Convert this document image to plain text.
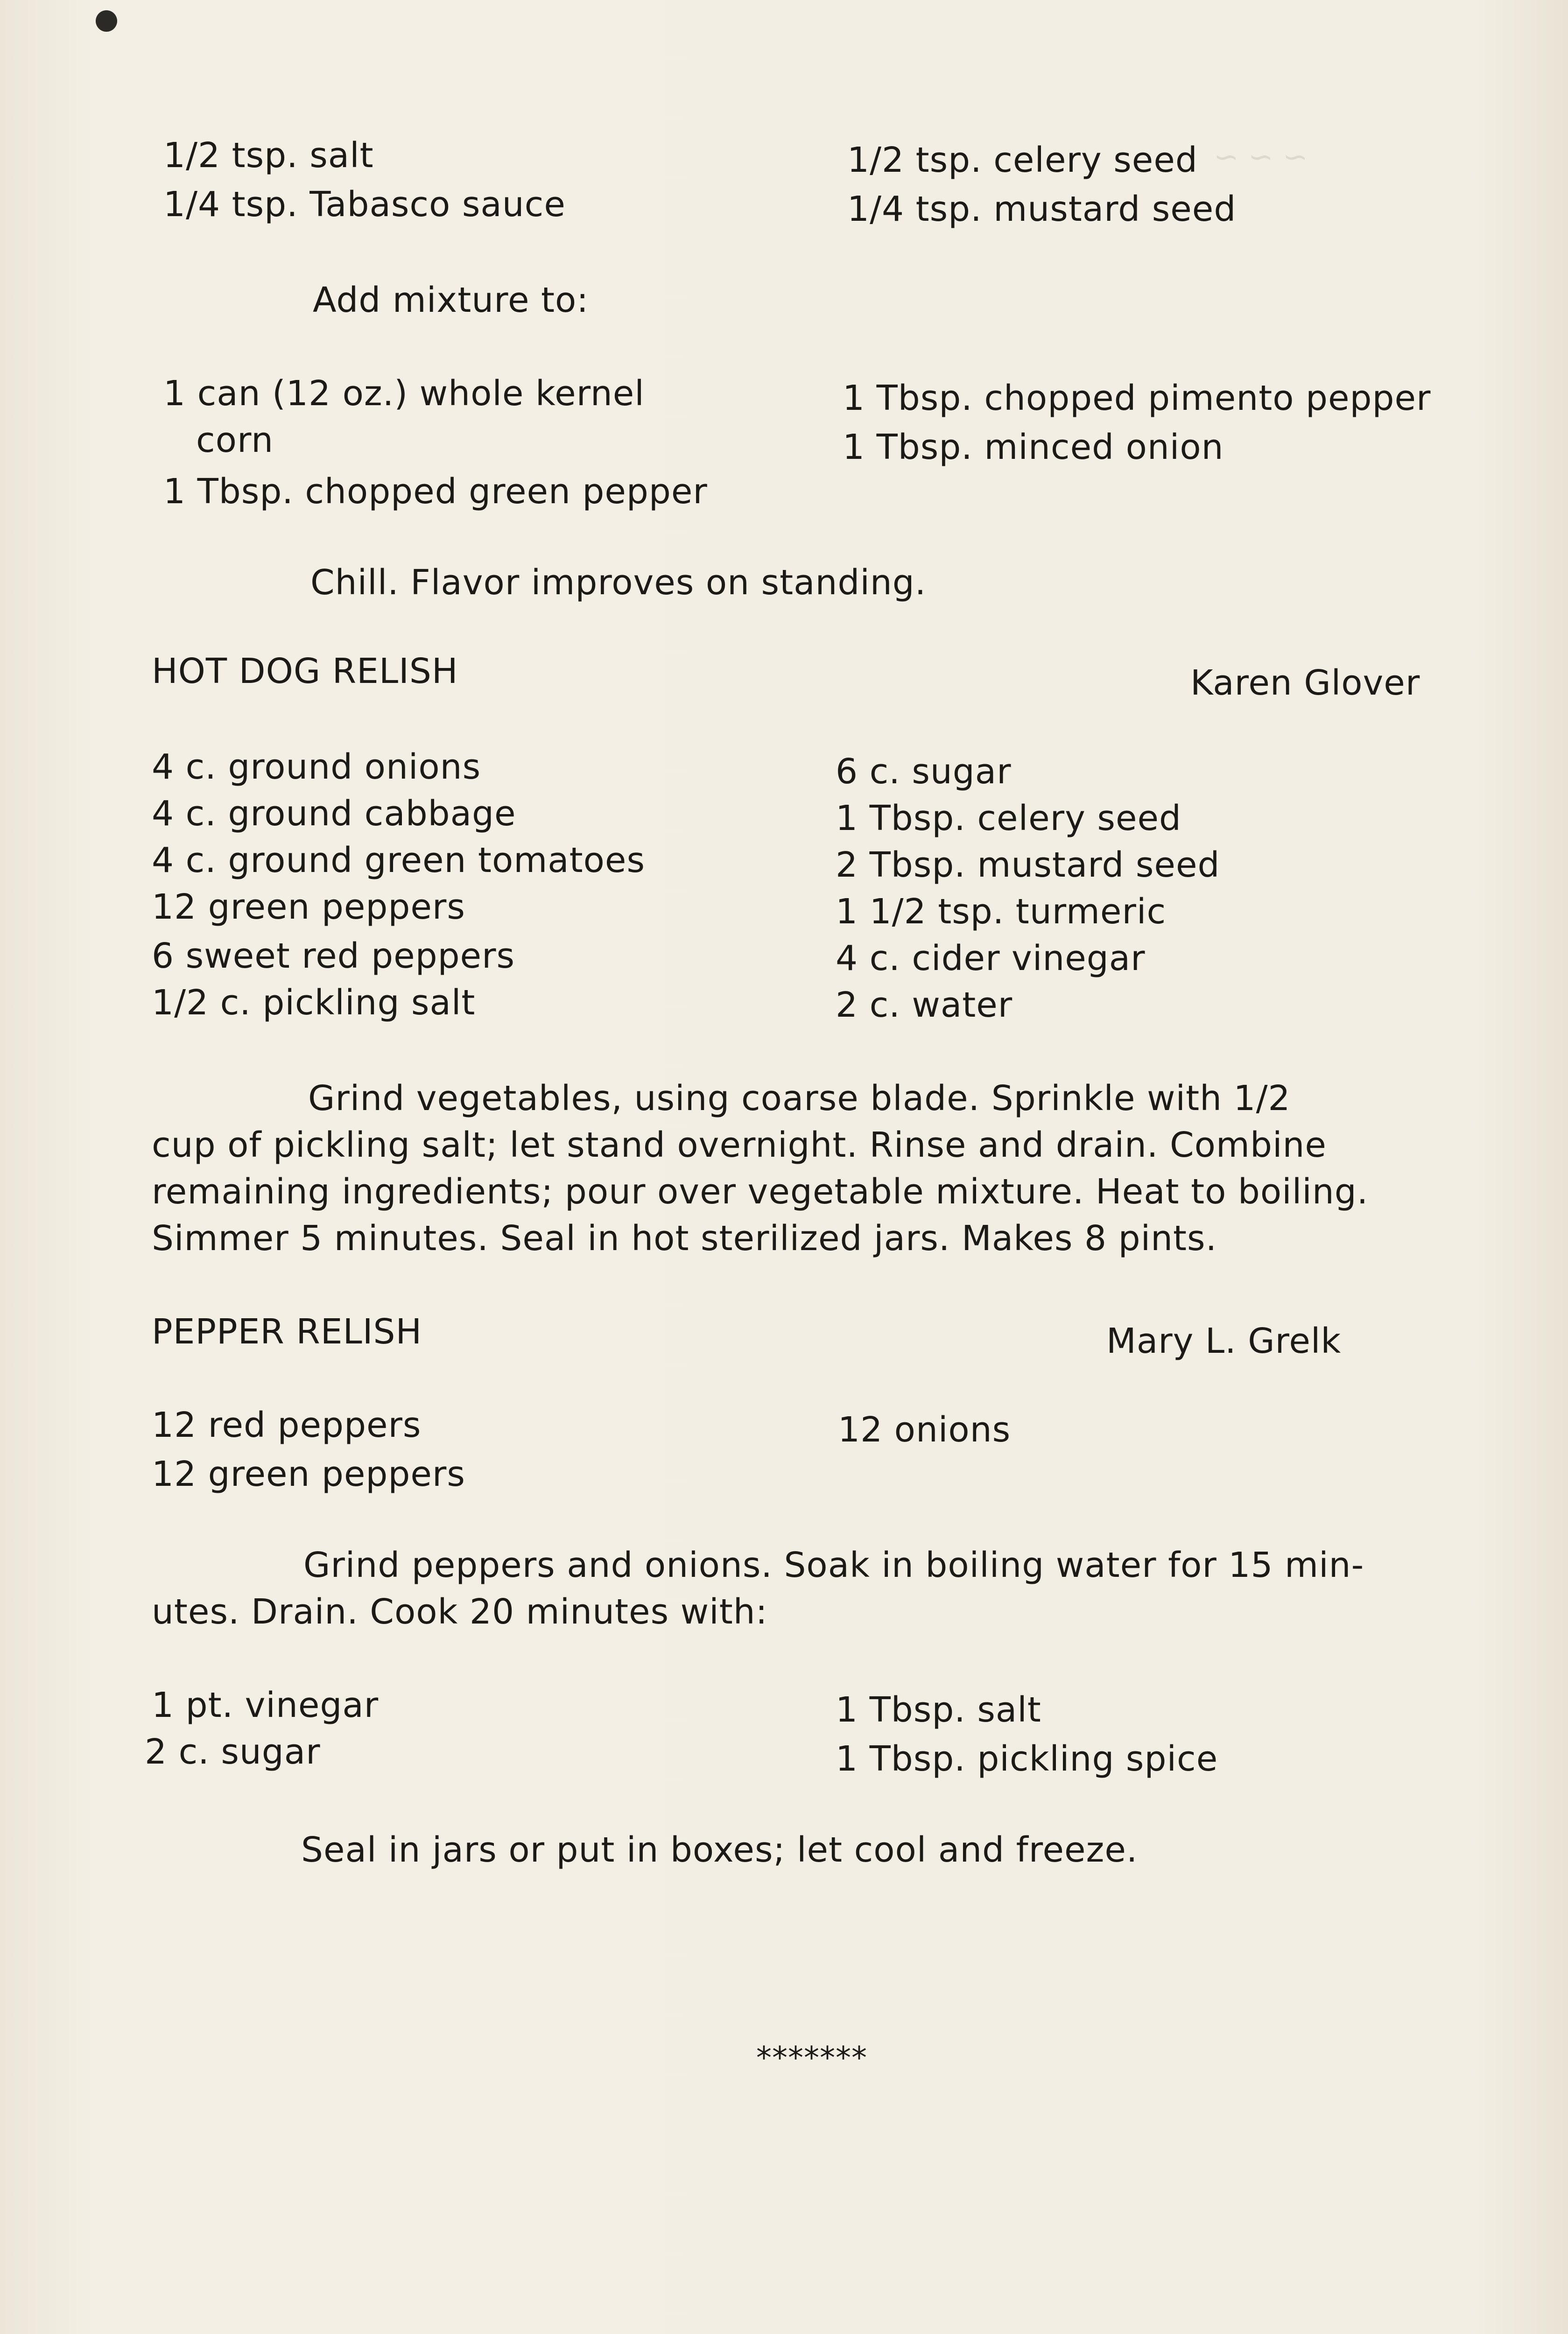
~ ~ ~
1/2 tsp. salt
1/4 tsp. Tabasco sauce
1/2 tsp. celery seed
1/4 tsp. mustard seed
Add mixture to:
1 can (12 oz.) whole kernel
corn
1 Tbsp. chopped green pepper
1 Tbsp. chopped pimento pepper
1 Tbsp. minced onion
Chill. Flavor improves on standing.
HOT DOG RELISH	Karen Glover
4 c. ground onions
4 c. ground cabbage
4 c. ground green tomatoes
12 green peppers
6 sweet red peppers
1/2 c. pickling salt
6 c. sugar
1 Tbsp. celery seed
2 Tbsp. mustard seed
1 1/2 tsp. turmeric
4 c. cider vinegar
2 c. water
Grind vegetables, using coarse blade. Sprinkle with 1/2
cup of pickling salt; let stand overnight. Rinse and drain. Combine
remaining ingredients; pour over vegetable mixture. Heat to boiling.
Simmer 5 minutes. Seal in hot sterilized jars. Makes 8 pints.
PEPPER RELISH	Mary L. Grelk
12 red peppers
12 green peppers
12 onions
Grind peppers and onions. Soak in boiling water for 15 min-
utes. Drain. Cook 20 minutes with:
1 pt. vinegar
2 c. sugar
1 Tbsp. salt
1 Tbsp. pickling spice
Seal in jars or put in boxes; let cool and freeze.
*******
